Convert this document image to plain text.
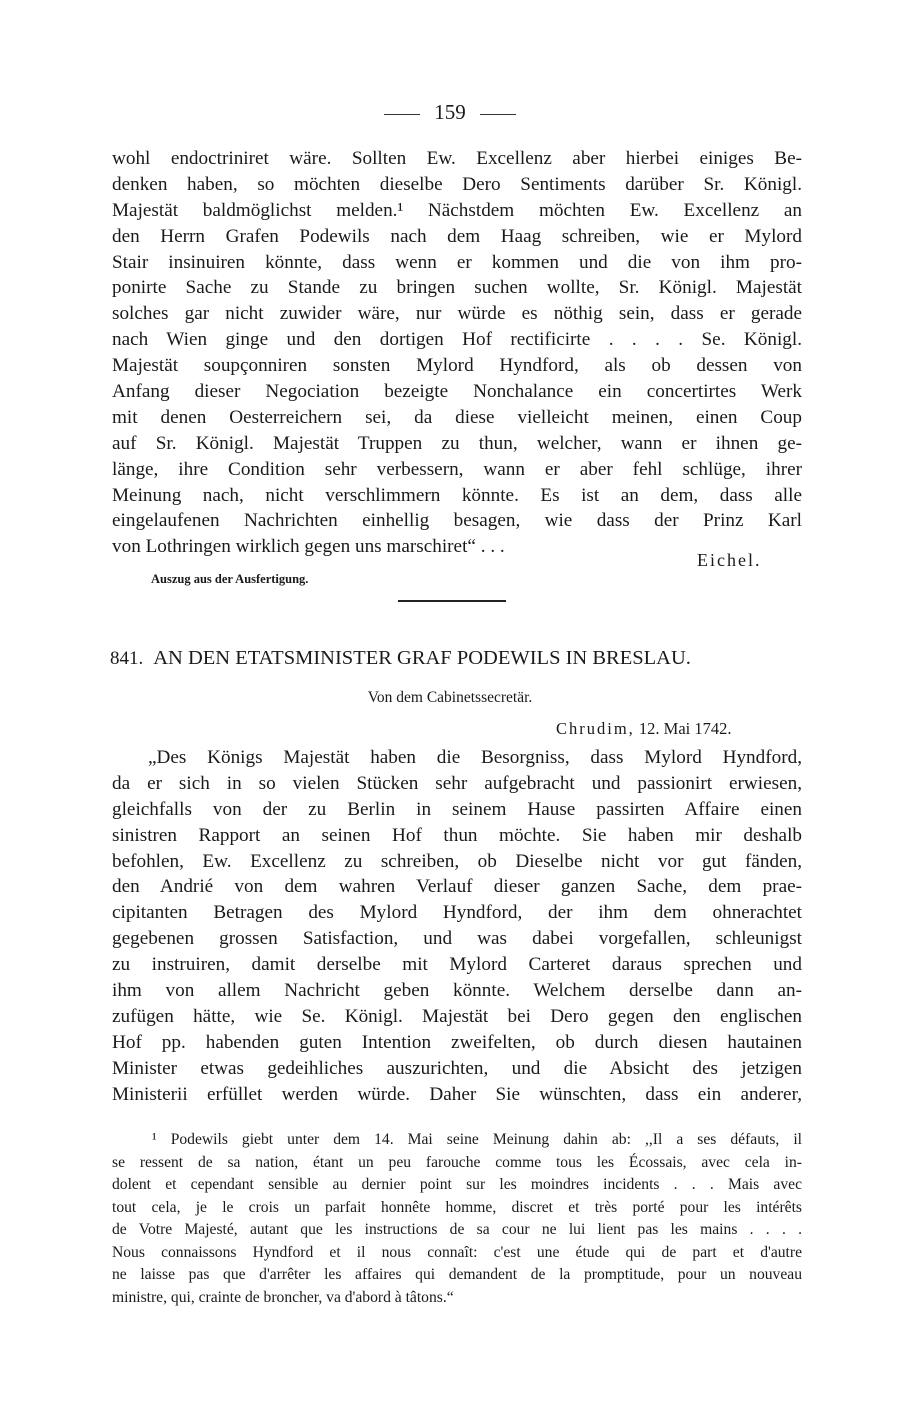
159
wohl endoctriniret wäre. Sollten Ew. Excellenz aber hierbei einiges Be-
denken haben, so möchten dieselbe Dero Sentiments darüber Sr. Königl.
Majestät baldmöglichst melden.¹ Nächstdem möchten Ew. Excellenz an
den Herrn Grafen Podewils nach dem Haag schreiben, wie er Mylord
Stair insinuiren könnte, dass wenn er kommen und die von ihm pro-
ponirte Sache zu Stande zu bringen suchen wollte, Sr. Königl. Majestät
solches gar nicht zuwider wäre, nur würde es nöthig sein, dass er gerade
nach Wien ginge und den dortigen Hof rectificirte . . . . Se. Königl.
Majestät soupçonniren sonsten Mylord Hyndford, als ob dessen von
Anfang dieser Negociation bezeigte Nonchalance ein concertirtes Werk
mit denen Oesterreichern sei, da diese vielleicht meinen, einen Coup
auf Sr. Königl. Majestät Truppen zu thun, welcher, wann er ihnen ge-
länge, ihre Condition sehr verbessern, wann er aber fehl schlüge, ihrer
Meinung nach, nicht verschlimmern könnte. Es ist an dem, dass alle
eingelaufenen Nachrichten einhellig besagen, wie dass der Prinz Karl
von Lothringen wirklich gegen uns marschiret“ . . .
Eichel.
Auszug aus der Ausfertigung.
841. AN DEN ETATSMINISTER GRAF PODEWILS IN BRESLAU.
Von dem Cabinetssecretär.
Chrudim, 12. Mai 1742.
„Des Königs Majestät haben die Besorgniss, dass Mylord Hyndford,
da er sich in so vielen Stücken sehr aufgebracht und passionirt erwiesen,
gleichfalls von der zu Berlin in seinem Hause passirten Affaire einen
sinistren Rapport an seinen Hof thun möchte. Sie haben mir deshalb
befohlen, Ew. Excellenz zu schreiben, ob Dieselbe nicht vor gut fänden,
den Andrié von dem wahren Verlauf dieser ganzen Sache, dem prae-
cipitanten Betragen des Mylord Hyndford, der ihm dem ohnerachtet
gegebenen grossen Satisfaction, und was dabei vorgefallen, schleunigst
zu instruiren, damit derselbe mit Mylord Carteret daraus sprechen und
ihm von allem Nachricht geben könnte. Welchem derselbe dann an-
zufügen hätte, wie Se. Königl. Majestät bei Dero gegen den englischen
Hof pp. habenden guten Intention zweifelten, ob durch diesen hautainen
Minister etwas gedeihliches auszurichten, und die Absicht des jetzigen
Ministerii erfüllet werden würde. Daher Sie wünschten, dass ein anderer,
¹ Podewils giebt unter dem 14. Mai seine Meinung dahin ab: ,,Il a ses défauts, il
se ressent de sa nation, étant un peu farouche comme tous les Écossais, avec cela in-
dolent et cependant sensible au dernier point sur les moindres incidents . . . Mais avec
tout cela, je le crois un parfait honnête homme, discret et très porté pour les intérêts
de Votre Majesté, autant que les instructions de sa cour ne lui lient pas les mains . . . .
Nous connaissons Hyndford et il nous connaît: c'est une étude qui de part et d'autre
ne laisse pas que d'arrêter les affaires qui demandent de la promptitude, pour un nouveau
ministre, qui, crainte de broncher, va d'abord à tâtons.“
